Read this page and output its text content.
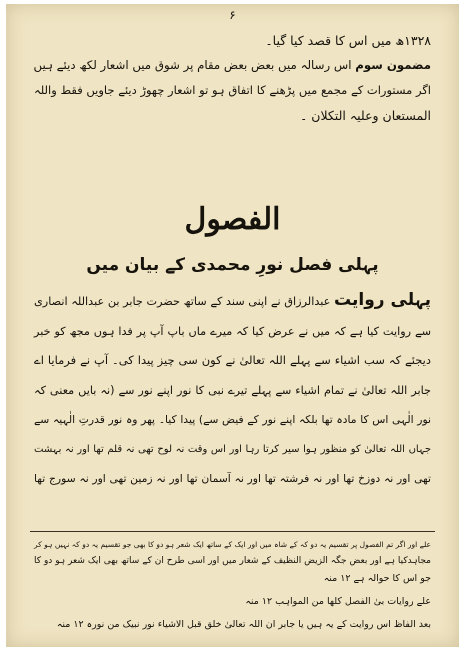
۶
۱۳۲۸ھ میں اس کا قصد کیا گیا۔
مضمون سوم اس رسالہ میں بعض بعض مقام پر شوق میں اشعار لکھ دیئے ہیں
اگر مستورات کے مجمع میں پڑھنے کا اتفاق ہو تو اشعار چھوڑ دیئے جاویں فقط واللہ
المستعان وعلیہ التکلان ۔
الفصول
پہلی فصل نورِ محمدی کے بیان میں
پہلی روایت عبدالرزاق نے اپنی سند کے ساتھ حضرت جابر بن عبداللہ انصاری
سے روایت کیا ہے کہ میں نے عرض کیا کہ میرے ماں باپ آپ پر فدا ہوں مجھ کو خبر
دیجئے کہ سب اشیاء سے پہلے اللہ تعالیٰ نے کون سی چیز پیدا کی۔ آپ نے فرمایا اے
جابر اللہ تعالیٰ نے تمام اشیاء سے پہلے تیرے نبی کا نور اپنے نور سے (نہ بایں معنی کہ
نور الٰہی اس کا مادہ تھا بلکہ اپنے نور کے فیض سے) پیدا کیا۔ پھر وہ نور قدرتِ الٰہیہ سے
جہاں اللہ تعالیٰ کو منظور ہوا سیر کرتا رہا اور اس وقت نہ لوح تھی نہ قلم تھا اور نہ بہشت
تھی اور نہ دوزخ تھا اور نہ فرشتہ تھا اور نہ آسمان تھا اور نہ زمین تھی اور نہ سورج تھا
علے اور اگر تم الفصول پر تقسیم یہ دو کہ کے شاہ میں اور ایک کے ساتھ ایک شعر ہو دو کا بھی جو تقسیم یہ دو کہ نہیں ہو کر
مجاہدکیا ہے اور بعض جگہ الزیض النظیف کے شعار میں اور اسی طرح ان کے ساتھ بھی ایک شعر ہو دو کا
جو اس کا حوالہ ہے ۱۲ منہ
علے روایات بیٰ الفصل کلھا من المواہب ۱۲ منہ
بعد الفاظ اس روایت کے یہ ہیں یا جابر ان اللہ تعالیٰ خلق قبل الاشیاء نور نبیک من نورہ ۱۲ منہ
